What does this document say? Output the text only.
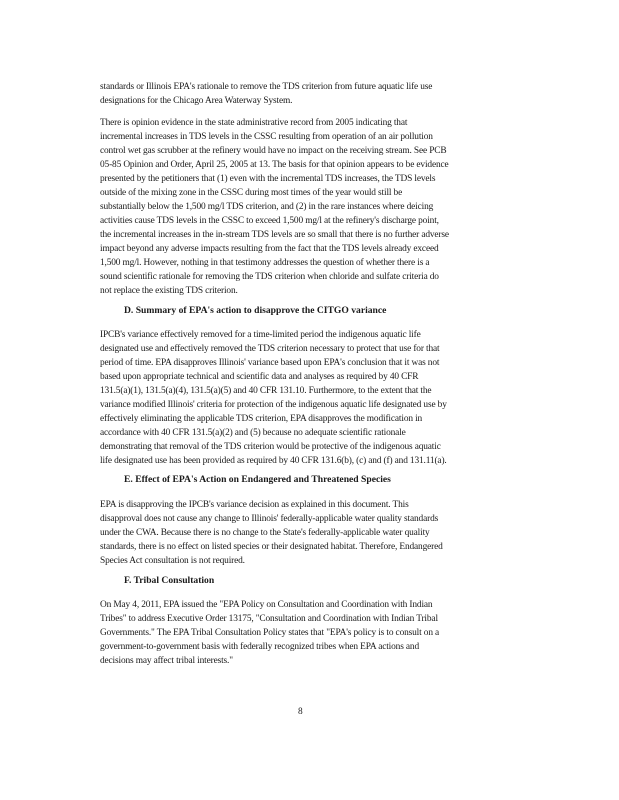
standards or Illinois EPA's rationale to remove the TDS criterion from future aquatic life use

designations for the Chicago Area Waterway System.

There is opinion evidence in the state administrative record from 2005 indicating that

incremental increases in TDS levels in the CSSC resulting from operation of an air pollution

control wet gas scrubber at the refinery would have no impact on the receiving stream. See PCB

05-85 Opinion and Order, April 25, 2005 at 13. The basis for that opinion appears to be evidence

presented by the petitioners that (1) even with the incremental TDS increases, the TDS levels

outside of the mixing zone in the CSSC during most times of the year would still be

substantially below the 1,500 mg/l TDS criterion, and (2) in the rare instances where deicing

activities cause TDS levels in the CSSC to exceed 1,500 mg/l at the refinery's discharge point,

the incremental increases in the in-stream TDS levels are so small that there is no further adverse

impact beyond any adverse impacts resulting from the fact that the TDS levels already exceed

1,500 mg/l. However, nothing in that testimony addresses the question of whether there is a

sound scientific rationale for removing the TDS criterion when chloride and sulfate criteria do

not replace the existing TDS criterion.

D. Summary of EPA's action to disapprove the CITGO variance

IPCB's variance effectively removed for a time-limited period the indigenous aquatic life

designated use and effectively removed the TDS criterion necessary to protect that use for that

period of time. EPA disapproves Illinois' variance based upon EPA's conclusion that it was not

based upon appropriate technical and scientific data and analyses as required by 40 CFR

131.5(a)(1), 131.5(a)(4), 131.5(a)(5) and 40 CFR 131.10. Furthermore, to the extent that the

variance modified Illinois' criteria for protection of the indigenous aquatic life designated use by

effectively eliminating the applicable TDS criterion, EPA disapproves the modification in

accordance with 40 CFR 131.5(a)(2) and (5) because no adequate scientific rationale

demonstrating that removal of the TDS criterion would be protective of the indigenous aquatic

life designated use has been provided as required by 40 CFR 131.6(b), (c) and (f) and 131.11(a).

E. Effect of EPA's Action on Endangered and Threatened Species

EPA is disapproving the IPCB's variance decision as explained in this document. This

disapproval does not cause any change to Illinois' federally-applicable water quality standards

under the CWA. Because there is no change to the State's federally-applicable water quality

standards, there is no effect on listed species or their designated habitat. Therefore, Endangered

Species Act consultation is not required.

F. Tribal Consultation

On May 4, 2011, EPA issued the "EPA Policy on Consultation and Coordination with Indian

Tribes" to address Executive Order 13175, "Consultation and Coordination with Indian Tribal

Governments." The EPA Tribal Consultation Policy states that "EPA's policy is to consult on a

government-to-government basis with federally recognized tribes when EPA actions and

decisions may affect tribal interests."

8
